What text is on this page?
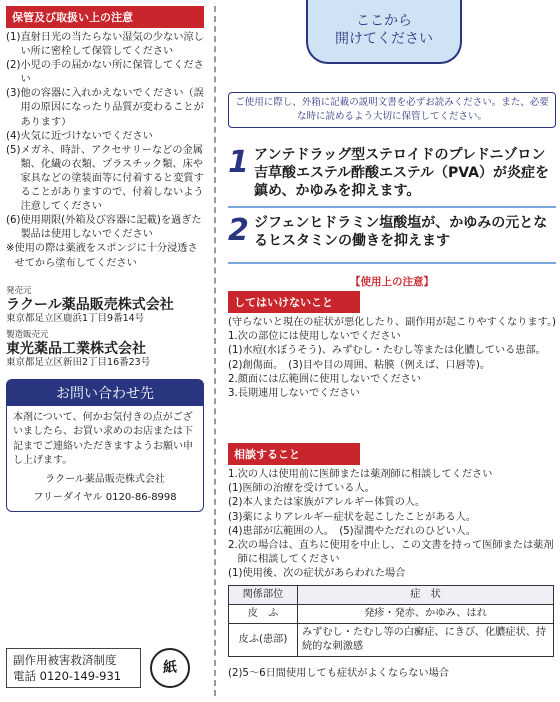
保管及び取扱い上の注意
(1) 直射日光の当たらない湿気の少ない涼しい所に密栓して保管してください
(2) 小児の手の届かない所に保管してください
(3) 他の容器に入れかえないでください（誤用の原因になったり品質が変わることがあります）
(4) 火気に近づけないでください
(5) メガネ、時計、アクセサリーなどの金属類、化繊の衣類、プラスチック類、床や家具などの塗装面等に付着すると変質することがありますので、付着しないよう注意してください
(6) 使用期限(外箱及び容器に記載)を過ぎた製品は使用しないでください
※ 使用の際は薬液をスポンジに十分浸透させてから塗布してください
発売元
ラクール薬品販売株式会社
東京都足立区鹿浜1丁目9番14号
製造販売元
東光薬品工業株式会社
東京都足立区新田2丁目16番23号
お問い合わせ先
本剤について、何かお気付きの点がございましたら、お買い求めのお店または下記までご連絡いただきますようお願い申し上げます。
ラクール薬品販売株式会社
フリーダイヤル 0120-86-8998
副作用被害救済制度
電話 0120-149-931	紙
ここから
開けてください
ご使用に際し、外箱に記載の説明文書を必ずお読みください。また、必要な時に読めるよう大切に保管してください。
1 アンテドラッグ型ステロイドのプレドニゾロン吉草酸エステル酢酸エステル（PVA）が炎症を鎮め、かゆみを抑えます。
2 ジフェンヒドラミン塩酸塩が、かゆみの元となるヒスタミンの働きを抑えます
【使用上の注意】
してはいけないこと
(守らないと現在の症状が悪化したり、副作用が起こりやすくなります。)
1. 次の部位には使用しないでください
(1) 水痘(水ぼうそう)、みずむし・たむし等または化膿している患部。
(2) 創傷面。　(3)目や目の周囲、粘膜（例えば、口唇等)。
2. 顔面には広範囲に使用しないでください
3. 長期連用しないでください
相談すること
1. 次の人は使用前に医師または薬剤師に相談してください
(1) 医師の治療を受けている人。
(2) 本人または家族がアレルギー体質の人。
(3) 薬によりアレルギー症状を起こしたことがある人。
(4) 患部が広範囲の人。　(5)湿潤やただれのひどい人。
2. 次の場合は、直ちに使用を中止し、この文書を持って医師または薬剤師に相談してください
(1) 使用後、次の症状があらわれた場合
関係部位	症　状
皮　ふ	発疹・発赤、かゆみ、はれ
皮ふ(患部)	みずむし・たむし等の白癬症、にきび、化膿症状、持続的な刺激感
(2)5〜6日間使用しても症状がよくならない場合
